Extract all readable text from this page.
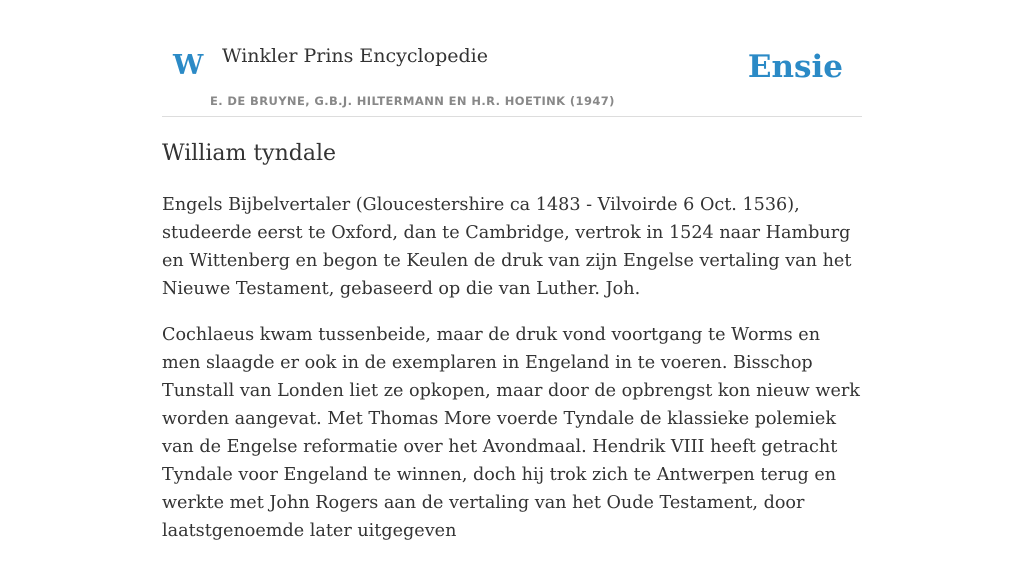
W Winkler Prins Encyclopedie
E. DE BRUYNE, G.B.J. HILTERMANN EN H.R. HOETINK (1947)
Ensie
William tyndale

Engels Bijbelvertaler (Gloucestershire ca 1483 - Vilvoirde 6 Oct. 1536), studeerde eerst te Oxford, dan te Cambridge, vertrok in 1524 naar Hamburg en Wittenberg en begon te Keulen de druk van zijn Engelse vertaling van het Nieuwe Testament, gebaseerd op die van Luther. Joh.

Cochlaeus kwam tussenbeide, maar de druk vond voortgang te Worms en men slaagde er ook in de exemplaren in Engeland in te voeren. Bisschop Tunstall van Londen liet ze opkopen, maar door de opbrengst kon nieuw werk worden aangevat. Met Thomas More voerde Tyndale de klassieke polemiek van de Engelse reformatie over het Avondmaal. Hendrik VIII heeft getracht Tyndale voor Engeland te winnen, doch hij trok zich te Antwerpen terug en werkte met John Rogers aan de vertaling van het Oude Testament, door laatstgenoemde later uitgegeven
